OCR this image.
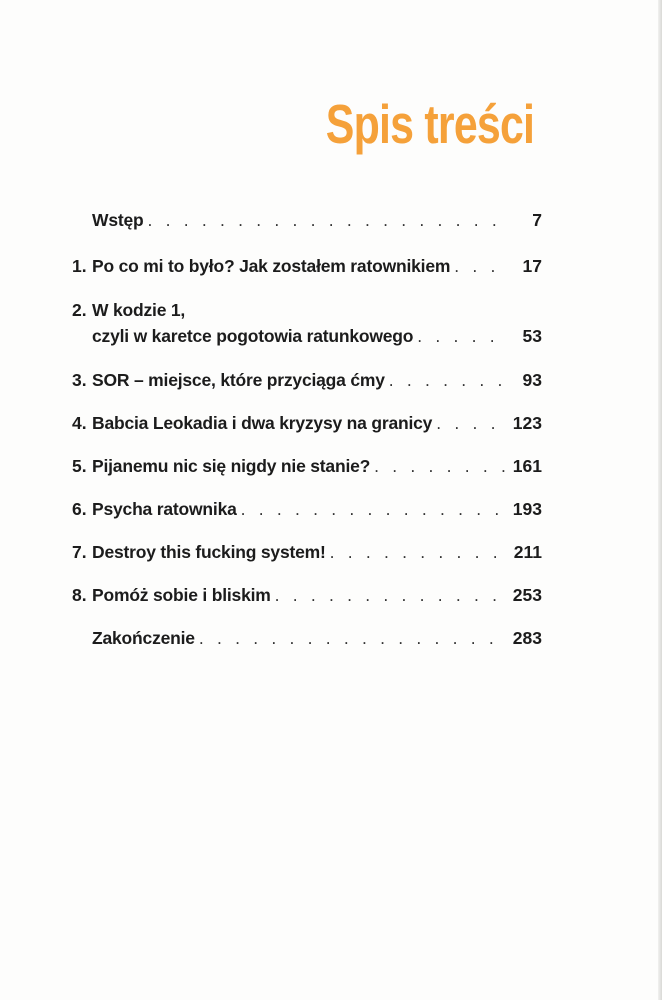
Spis treści
Wstęp . . .	7
1. Po co mi to było? Jak zostałem ratownikiem . . .	17
2. W kodzie 1,
czyli w karetce pogotowia ratunkowego . . .	53
3. SOR – miejsce, które przyciąga ćmy . . .	93
4. Babcia Leokadia i dwa kryzysy na granicy . . .	123
5. Pijanemu nic się nigdy nie stanie? . . .	161
6. Psycha ratownika . . .	193
7. Destroy this fucking system! . . .	211
8. Pomóż sobie i bliskim . . .	253
Zakończenie . . .	283
